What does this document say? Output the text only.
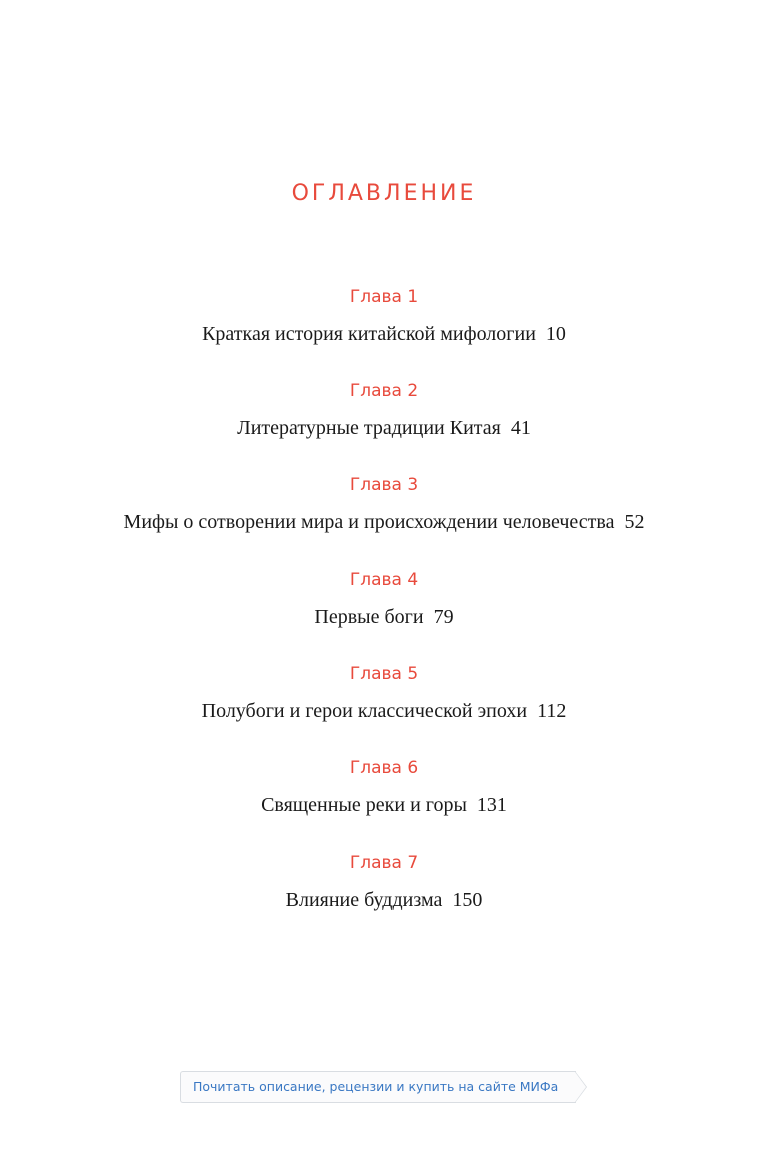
ОГЛАВЛЕНИЕ
Глава 1
Краткая история китайской мифологии 10
Глава 2
Литературные традиции Китая 41
Глава 3
Мифы о сотворении мира и происхождении человечества 52
Глава 4
Первые боги 79
Глава 5
Полубоги и герои классической эпохи 112
Глава 6
Священные реки и горы 131
Глава 7
Влияние буддизма 150
Почитать описание, рецензии и купить на сайте МИФа
